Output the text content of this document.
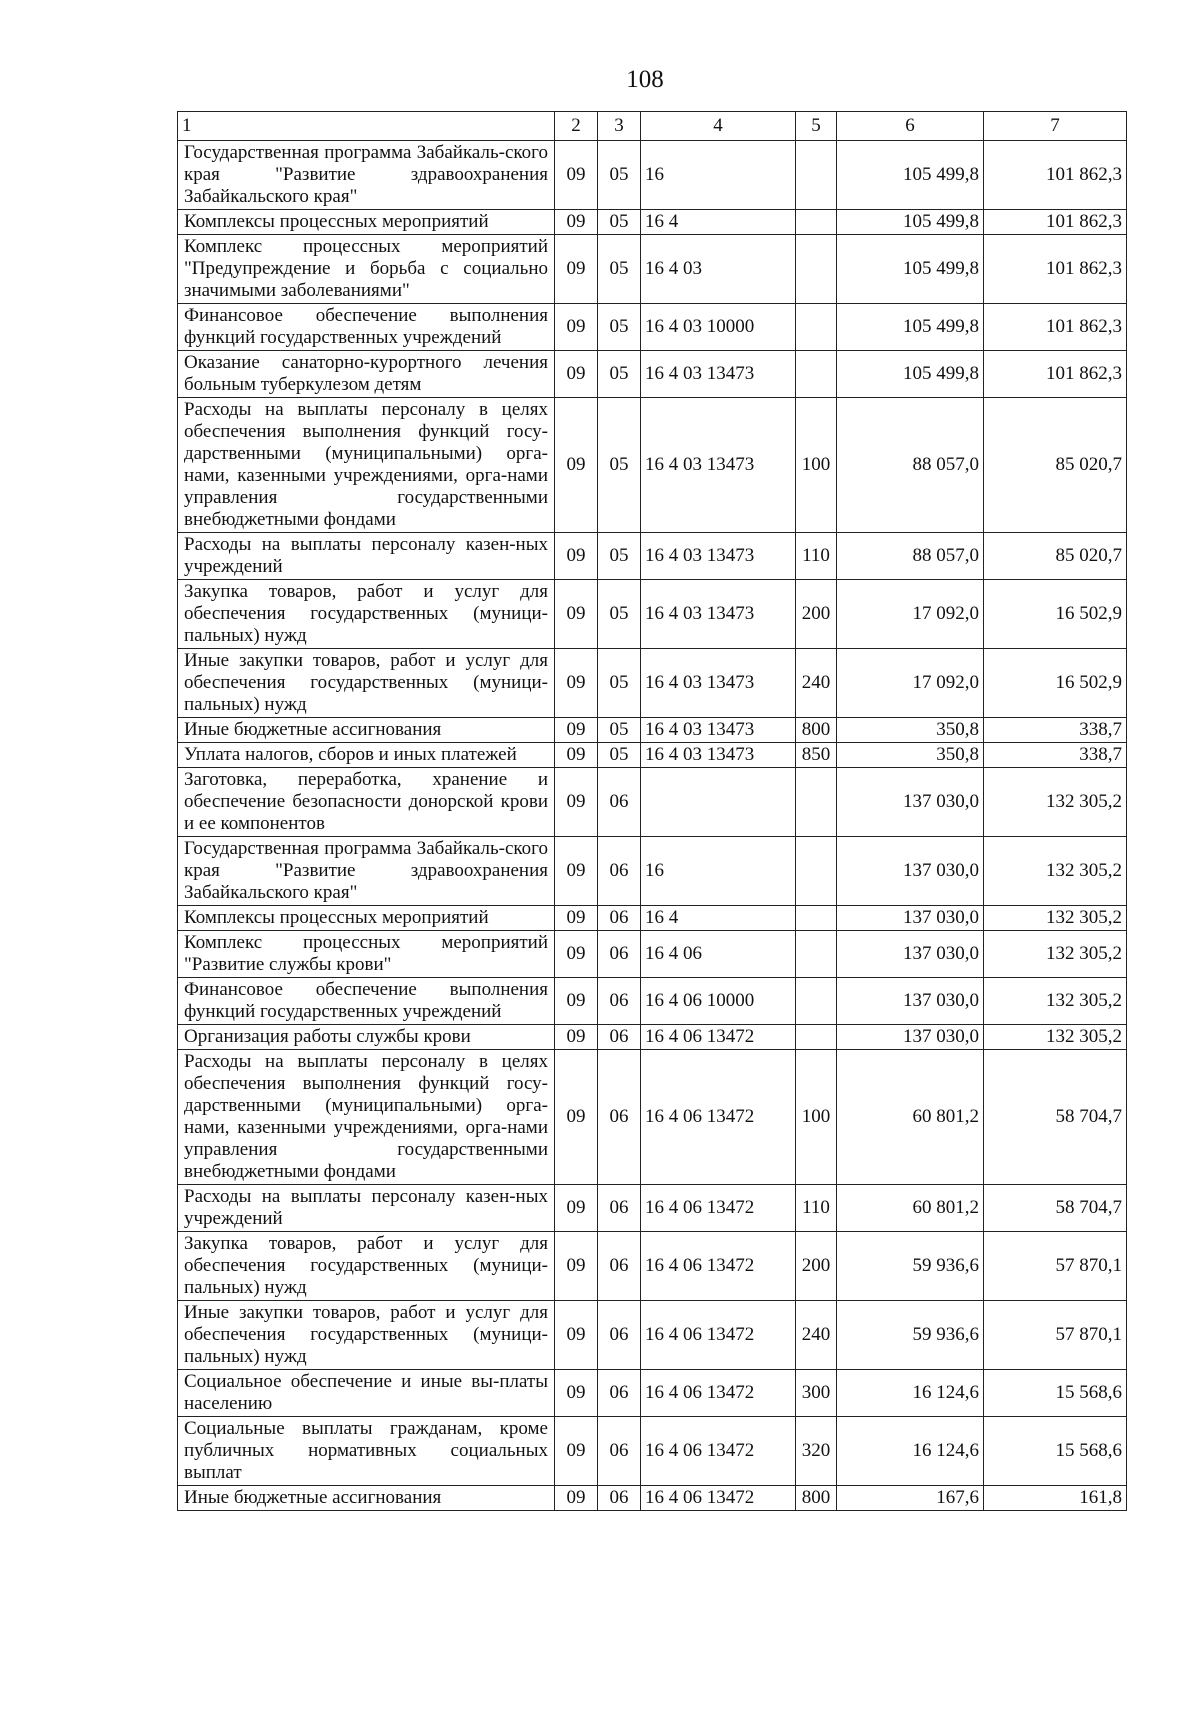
108
1	2	3	4	5	6	7
Государственная программа Забайкаль-ского края "Развитие здравоохранения Забайкальского края"	09	05	16		105 499,8	101 862,3
Комплексы процессных мероприятий	09	05	16 4		105 499,8	101 862,3
Комплекс процессных мероприятий "Предупреждение и борьба с социально значимыми заболеваниями"	09	05	16 4 03		105 499,8	101 862,3
Финансовое обеспечение выполнения функций государственных учреждений	09	05	16 4 03 10000		105 499,8	101 862,3
Оказание санаторно-курортного лечения больным туберкулезом детям	09	05	16 4 03 13473		105 499,8	101 862,3
Расходы на выплаты персоналу в целях обеспечения выполнения функций госу-дарственными (муниципальными) орга-нами, казенными учреждениями, орга-нами управления государственными внебюджетными фондами	09	05	16 4 03 13473	100	88 057,0	85 020,7
Расходы на выплаты персоналу казен-ных учреждений	09	05	16 4 03 13473	110	88 057,0	85 020,7
Закупка товаров, работ и услуг для обеспечения государственных (муници-пальных) нужд	09	05	16 4 03 13473	200	17 092,0	16 502,9
Иные закупки товаров, работ и услуг для обеспечения государственных (муници-пальных) нужд	09	05	16 4 03 13473	240	17 092,0	16 502,9
Иные бюджетные ассигнования	09	05	16 4 03 13473	800	350,8	338,7
Уплата налогов, сборов и иных платежей	09	05	16 4 03 13473	850	350,8	338,7
Заготовка, переработка, хранение и обеспечение безопасности донорской крови и ее компонентов	09	06			137 030,0	132 305,2
Государственная программа Забайкаль-ского края "Развитие здравоохранения Забайкальского края"	09	06	16		137 030,0	132 305,2
Комплексы процессных мероприятий	09	06	16 4		137 030,0	132 305,2
Комплекс процессных мероприятий "Развитие службы крови"	09	06	16 4 06		137 030,0	132 305,2
Финансовое обеспечение выполнения функций государственных учреждений	09	06	16 4 06 10000		137 030,0	132 305,2
Организация работы службы крови	09	06	16 4 06 13472		137 030,0	132 305,2
Расходы на выплаты персоналу в целях обеспечения выполнения функций госу-дарственными (муниципальными) орга-нами, казенными учреждениями, орга-нами управления государственными внебюджетными фондами	09	06	16 4 06 13472	100	60 801,2	58 704,7
Расходы на выплаты персоналу казен-ных учреждений	09	06	16 4 06 13472	110	60 801,2	58 704,7
Закупка товаров, работ и услуг для обеспечения государственных (муници-пальных) нужд	09	06	16 4 06 13472	200	59 936,6	57 870,1
Иные закупки товаров, работ и услуг для обеспечения государственных (муници-пальных) нужд	09	06	16 4 06 13472	240	59 936,6	57 870,1
Социальное обеспечение и иные вы-платы населению	09	06	16 4 06 13472	300	16 124,6	15 568,6
Социальные выплаты гражданам, кроме публичных нормативных социальных выплат	09	06	16 4 06 13472	320	16 124,6	15 568,6
Иные бюджетные ассигнования	09	06	16 4 06 13472	800	167,6	161,8
